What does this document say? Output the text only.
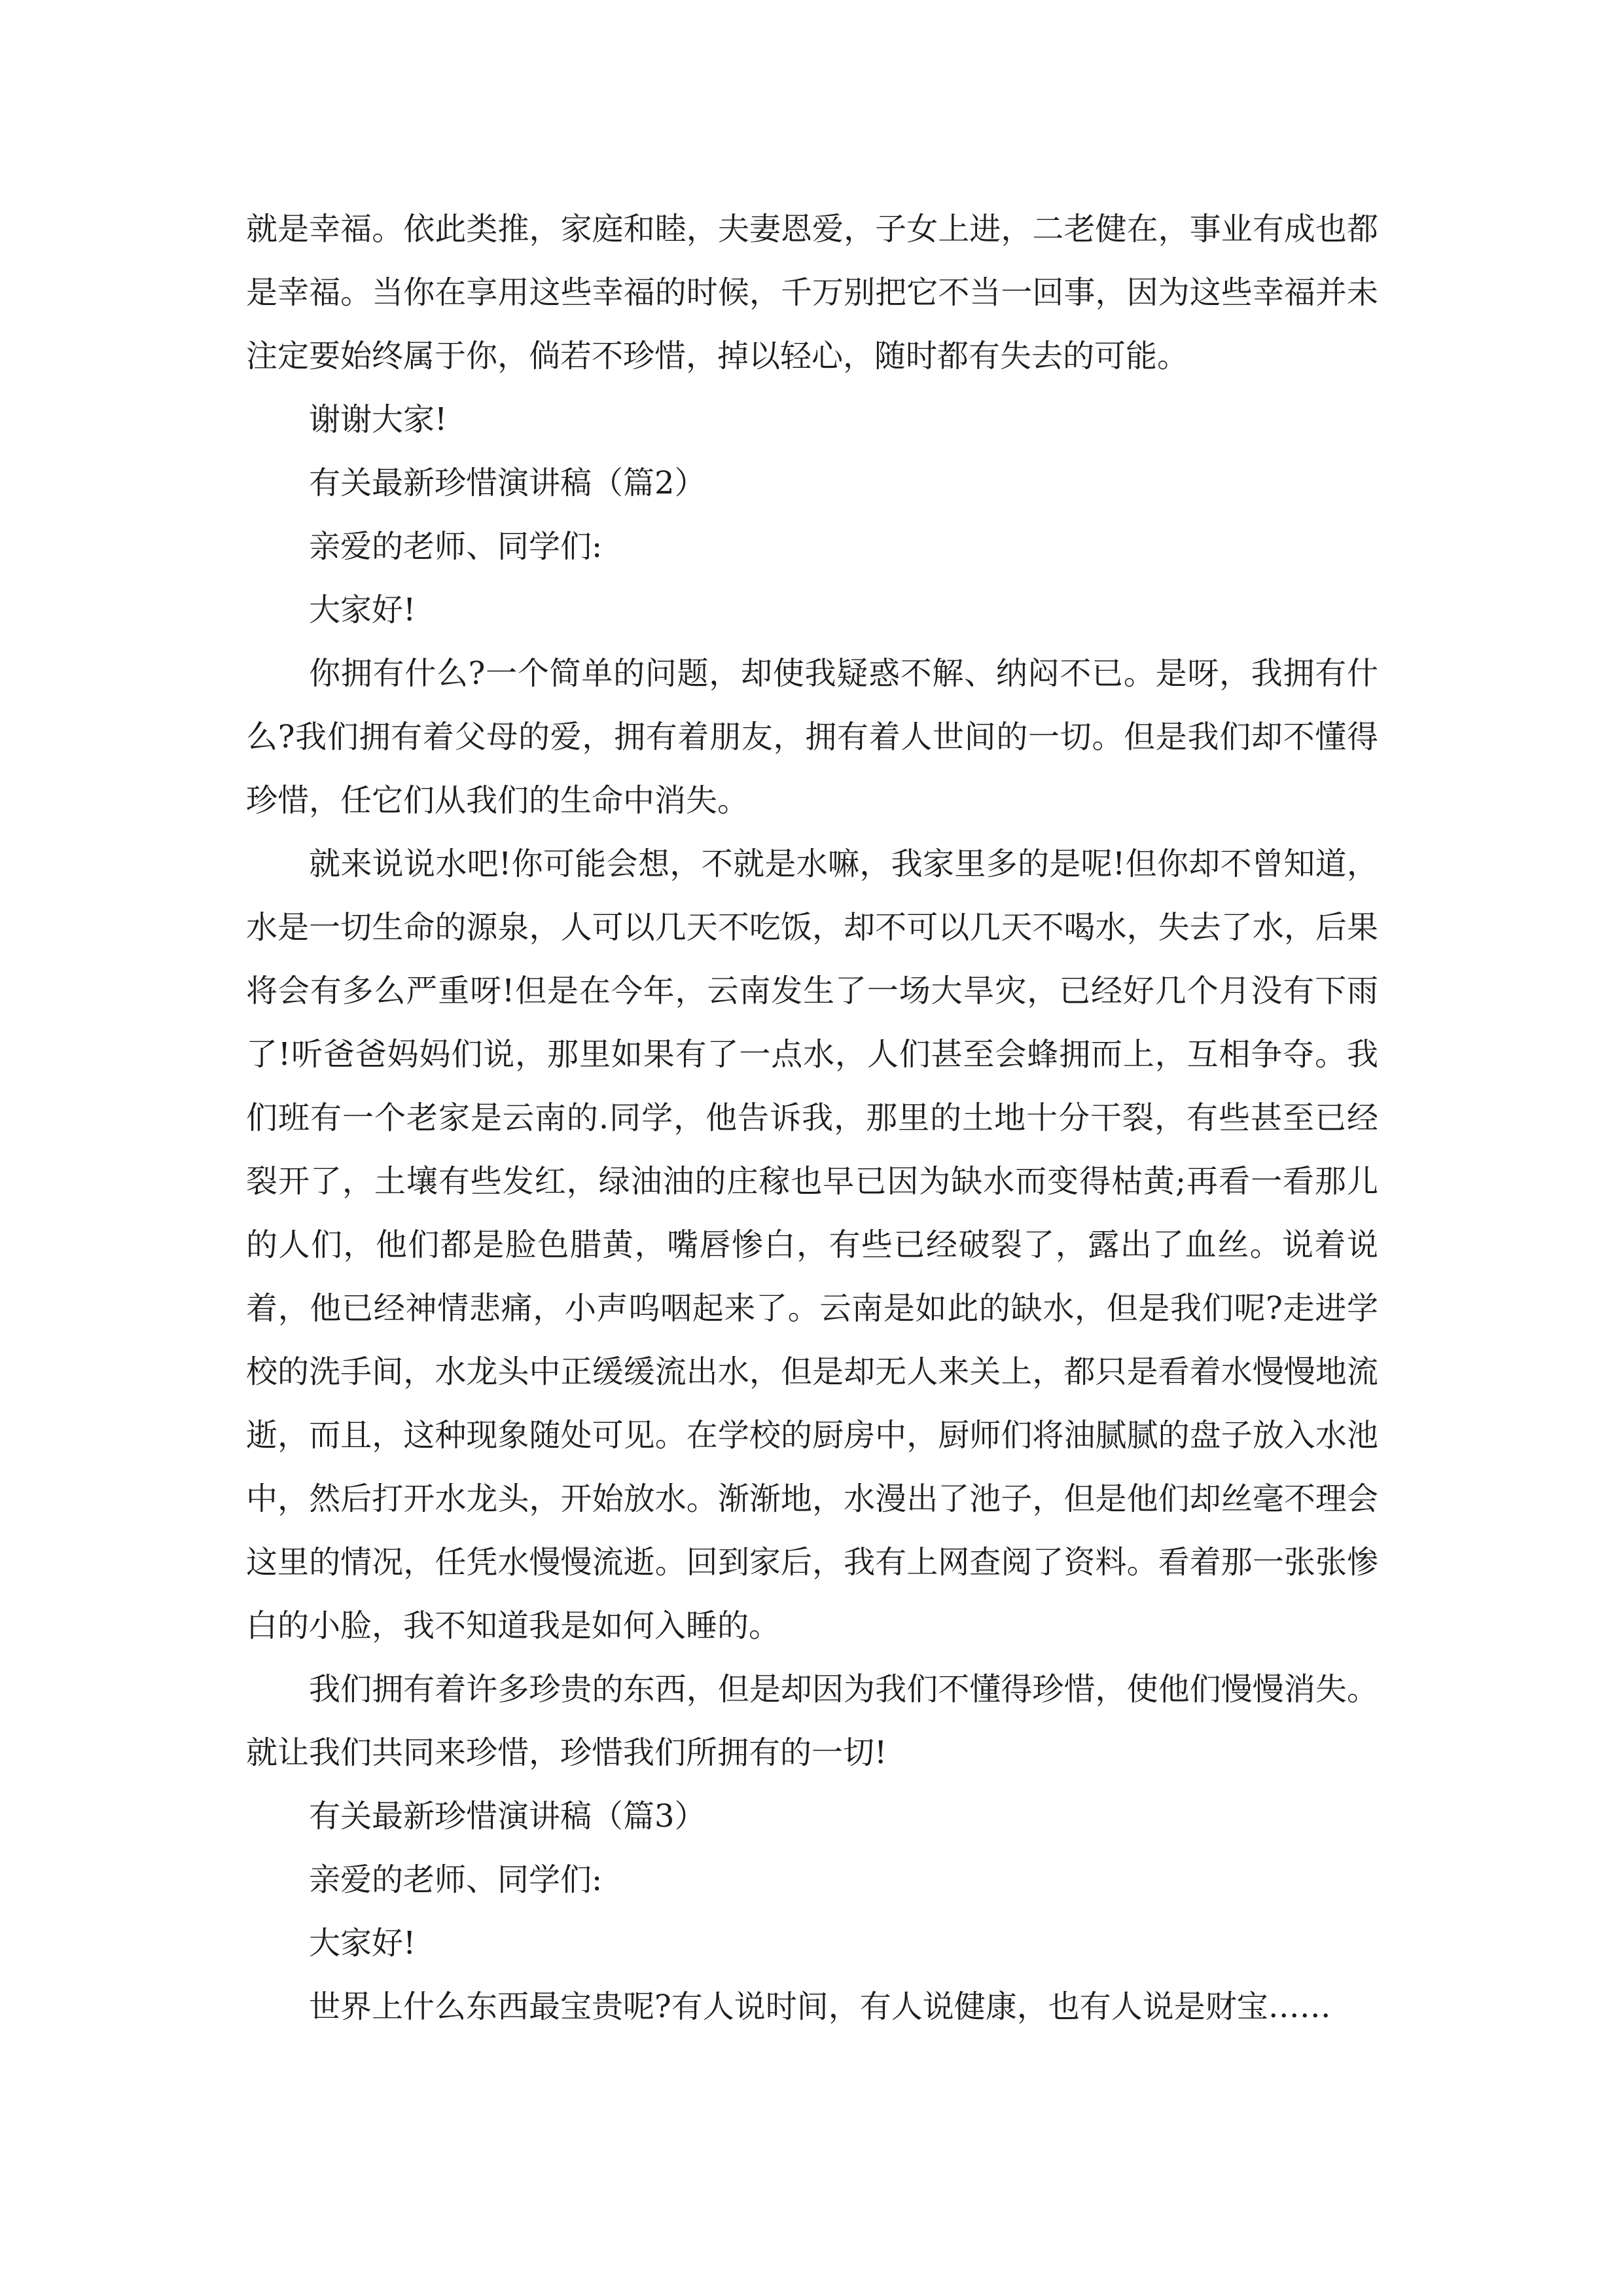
就是幸福。依此类推，家庭和睦，夫妻恩爱，子女上进，二老健在，事业有成也都是幸福。当你在享用这些幸福的时候，千万别把它不当一回事，因为这些幸福并未注定要始终属于你，倘若不珍惜，掉以轻心，随时都有失去的可能。

谢谢大家!

有关最新珍惜演讲稿（篇2）

亲爱的老师、同学们:

大家好!

你拥有什么?一个简单的问题，却使我疑惑不解、纳闷不已。是呀，我拥有什么?我们拥有着父母的爱，拥有着朋友，拥有着人世间的一切。但是我们却不懂得珍惜，任它们从我们的生命中消失。

就来说说水吧!你可能会想，不就是水嘛，我家里多的是呢!但你却不曾知道，水是一切生命的源泉，人可以几天不吃饭，却不可以几天不喝水，失去了水，后果将会有多么严重呀!但是在今年，云南发生了一场大旱灾，已经好几个月没有下雨了!听爸爸妈妈们说，那里如果有了一点水，人们甚至会蜂拥而上，互相争夺。我们班有一个老家是云南的.同学，他告诉我，那里的土地十分干裂，有些甚至已经裂开了，土壤有些发红，绿油油的庄稼也早已因为缺水而变得枯黄;再看一看那儿的人们，他们都是脸色腊黄，嘴唇惨白，有些已经破裂了，露出了血丝。说着说着，他已经神情悲痛，小声呜咽起来了。云南是如此的缺水，但是我们呢?走进学校的洗手间，水龙头中正缓缓流出水，但是却无人来关上，都只是看着水慢慢地流逝，而且，这种现象随处可见。在学校的厨房中，厨师们将油腻腻的盘子放入水池中，然后打开水龙头，开始放水。渐渐地，水漫出了池子，但是他们却丝毫不理会这里的情况，任凭水慢慢流逝。回到家后，我有上网查阅了资料。看着那一张张惨白的小脸，我不知道我是如何入睡的。

我们拥有着许多珍贵的东西，但是却因为我们不懂得珍惜，使他们慢慢消失。就让我们共同来珍惜，珍惜我们所拥有的一切!

有关最新珍惜演讲稿（篇3）

亲爱的老师、同学们:

大家好!

世界上什么东西最宝贵呢?有人说时间，有人说健康，也有人说是财宝……
